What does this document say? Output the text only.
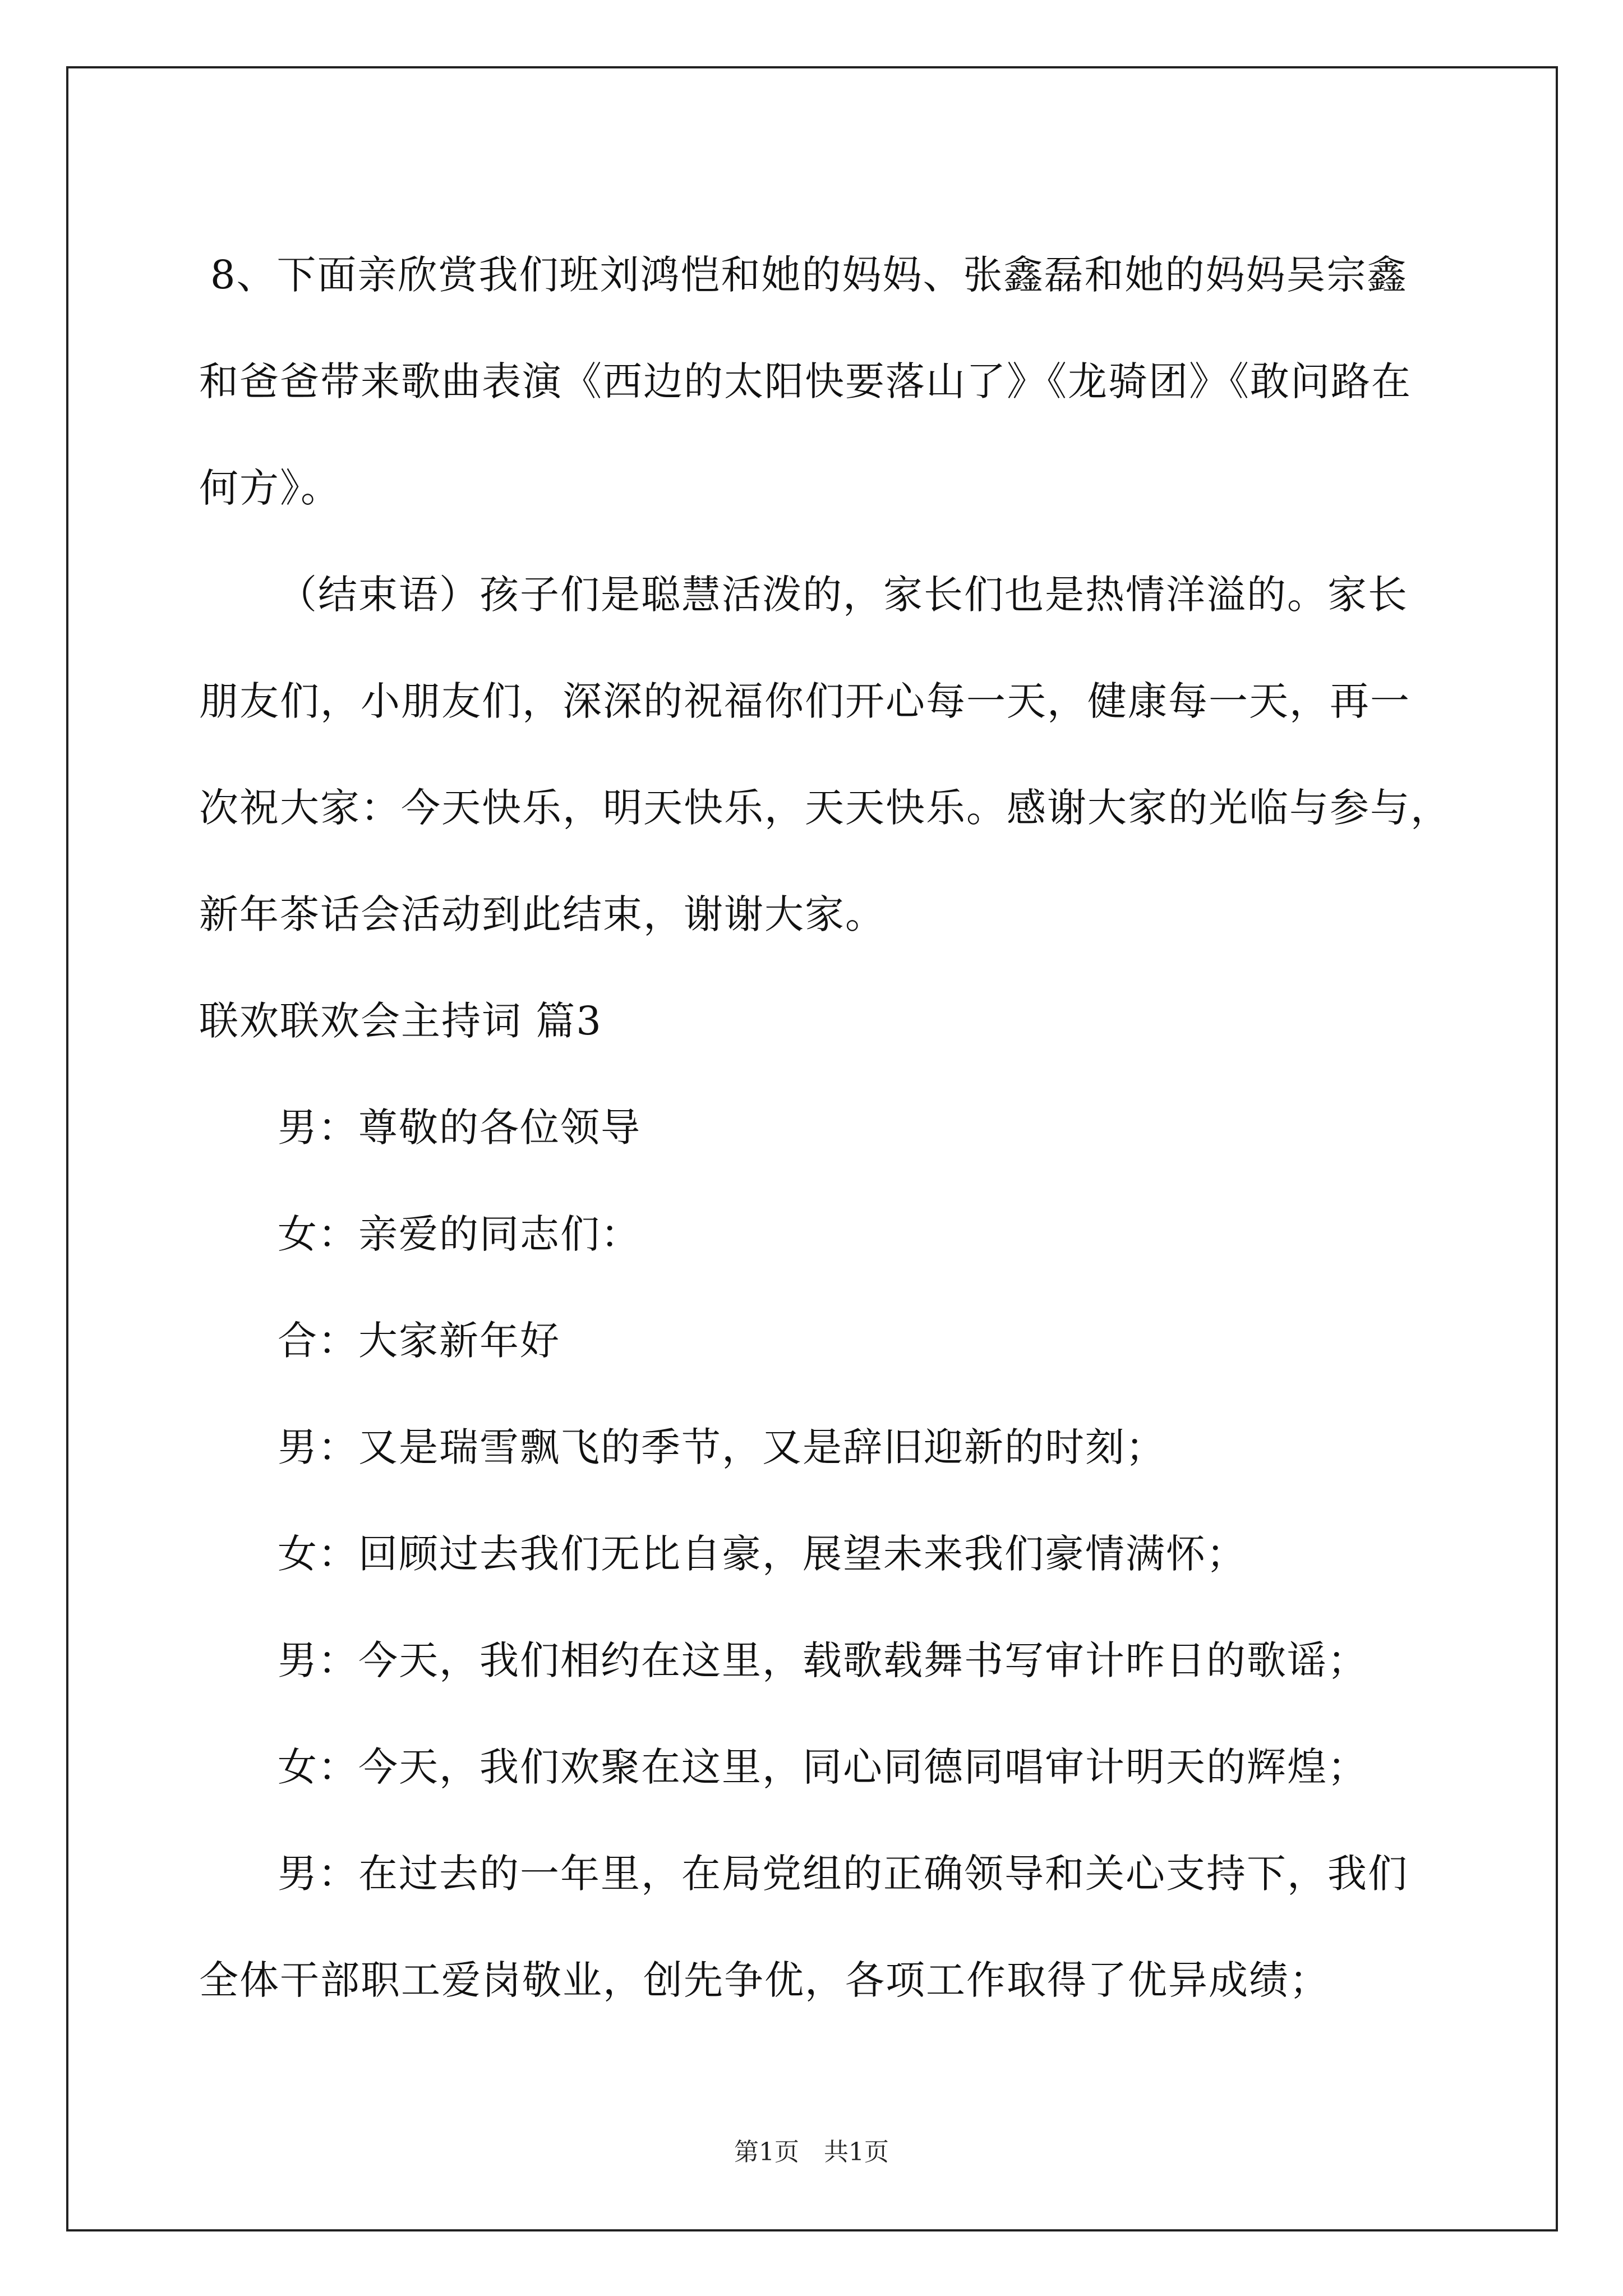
8、下面亲欣赏我们班刘鸿恺和她的妈妈、张鑫磊和她的妈妈吴宗鑫

和爸爸带来歌曲表演《西边的太阳快要落山了》《龙骑团》《敢问路在

何方》。

（结束语）孩子们是聪慧活泼的，家长们也是热情洋溢的。家长

朋友们，小朋友们，深深的祝福你们开心每一天，健康每一天，再一

次祝大家：今天快乐，明天快乐，天天快乐。感谢大家的光临与参与，

新年茶话会活动到此结束，谢谢大家。

联欢联欢会主持词 篇3

男：尊敬的各位领导

女：亲爱的同志们：

合：大家新年好

男：又是瑞雪飘飞的季节，又是辞旧迎新的时刻；

女：回顾过去我们无比自豪，展望未来我们豪情满怀；

男：今天，我们相约在这里，载歌载舞书写审计昨日的歌谣；

女：今天，我们欢聚在这里，同心同德同唱审计明天的辉煌；

男：在过去的一年里，在局党组的正确领导和关心支持下，我们

全体干部职工爱岗敬业，创先争优，各项工作取得了优异成绩；

第1页　共1页
